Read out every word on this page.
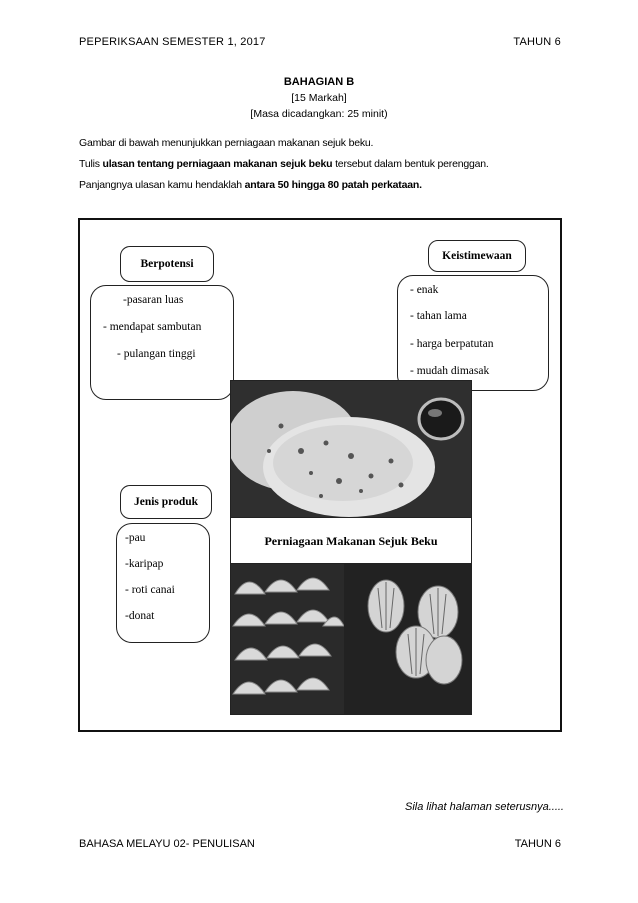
PEPERIKSAAN SEMESTER 1, 2017	TAHUN 6
BAHAGIAN B
[15 Markah]
[Masa dicadangkan: 25 minit)
Gambar di bawah menunjukkan perniagaan makanan sejuk beku.
Tulis ulasan tentang perniagaan makanan sejuk beku tersebut dalam bentuk perenggan.
Panjangnya ulasan kamu hendaklah antara 50 hingga 80 patah perkataan.
Berpotensi
-pasaran luas
- mendapat sambutan
- pulangan tinggi
Keistimewaan
- enak
- tahan lama
- harga berpatutan
- mudah dimasak
Jenis produk
-pau
-karipap
- roti canai
-donat
Perniagaan Makanan Sejuk Beku
Sila lihat halaman seterusnya.....
BAHASA MELAYU 02- PENULISAN	TAHUN 6
